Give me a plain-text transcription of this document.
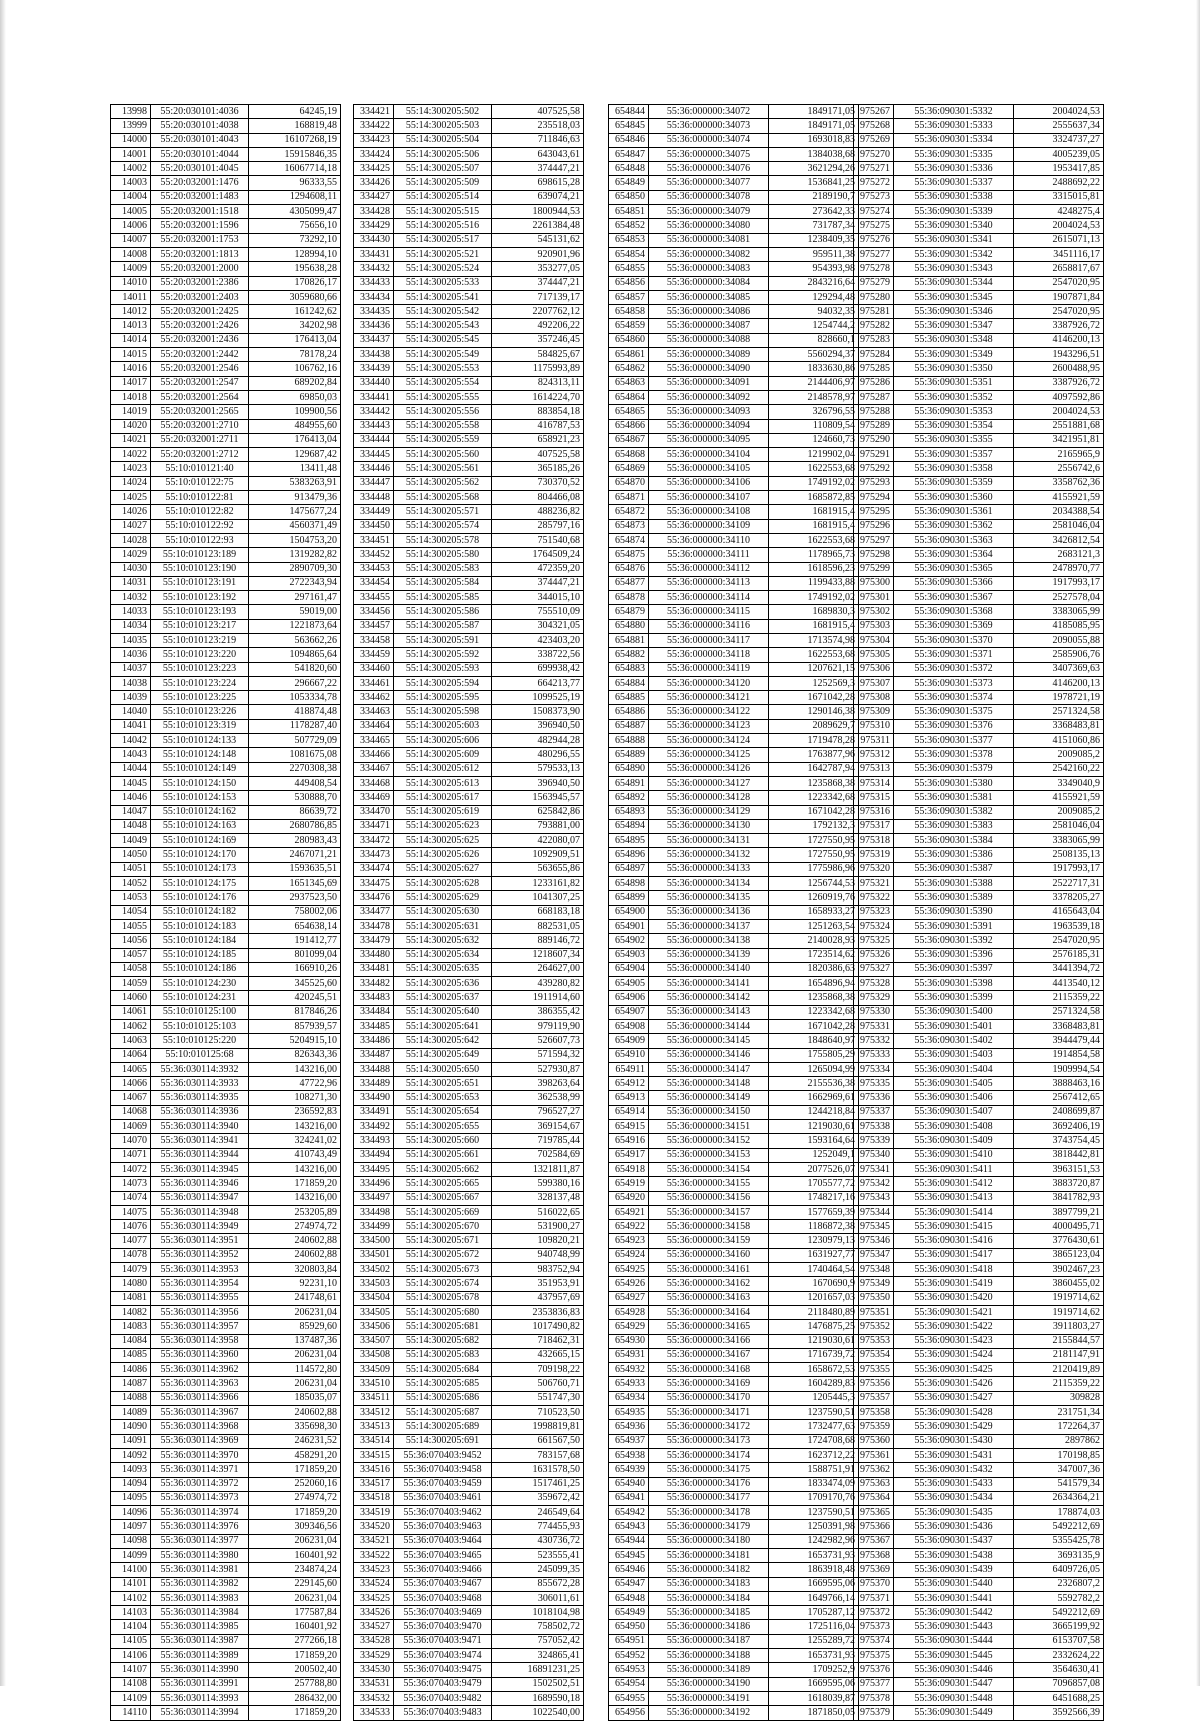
13998	55:20:030101:4036	64245,19
13999	55:20:030101:4038	168819,48
14000	55:20:030101:4043	16107268,19
14001	55:20:030101:4044	15915846,35
14002	55:20:030101:4045	16067714,18
14003	55:20:032001:1476	96333,55
14004	55:20:032001:1483	1294608,11
14005	55:20:032001:1518	4305099,47
14006	55:20:032001:1596	75656,10
14007	55:20:032001:1753	73292,10
14008	55:20:032001:1813	128994,10
14009	55:20:032001:2000	195638,28
14010	55:20:032001:2386	170826,17
14011	55:20:032001:2403	3059680,66
14012	55:20:032001:2425	161242,62
14013	55:20:032001:2426	34202,98
14014	55:20:032001:2436	176413,04
14015	55:20:032001:2442	78178,24
14016	55:20:032001:2546	106762,16
14017	55:20:032001:2547	689202,84
14018	55:20:032001:2564	69850,03
14019	55:20:032001:2565	109900,56
14020	55:20:032001:2710	484955,60
14021	55:20:032001:2711	176413,04
14022	55:20:032001:2712	129687,42
14023	55:10:010121:40	13411,48
14024	55:10:010122:75	5383263,91
14025	55:10:010122:81	913479,36
14026	55:10:010122:82	1475677,24
14027	55:10:010122:92	4560371,49
14028	55:10:010122:93	1504753,20
14029	55:10:010123:189	1319282,82
14030	55:10:010123:190	2890709,30
14031	55:10:010123:191	2722343,94
14032	55:10:010123:192	297161,47
14033	55:10:010123:193	59019,00
14034	55:10:010123:217	1221873,64
14035	55:10:010123:219	563662,26
14036	55:10:010123:220	1094865,64
14037	55:10:010123:223	541820,60
14038	55:10:010123:224	296667,22
14039	55:10:010123:225	1053334,78
14040	55:10:010123:226	418874,48
14041	55:10:010123:319	1178287,40
14042	55:10:010124:133	507729,09
14043	55:10:010124:148	1081675,08
14044	55:10:010124:149	2270308,38
14045	55:10:010124:150	449408,54
14046	55:10:010124:153	530888,70
14047	55:10:010124:162	86639,72
14048	55:10:010124:163	2680786,85
14049	55:10:010124:169	280983,43
14050	55:10:010124:170	2467071,21
14051	55:10:010124:173	1593635,51
14052	55:10:010124:175	1651345,69
14053	55:10:010124:176	2937523,50
14054	55:10:010124:182	758002,06
14055	55:10:010124:183	654638,14
14056	55:10:010124:184	191412,77
14057	55:10:010124:185	801099,04
14058	55:10:010124:186	166910,26
14059	55:10:010124:230	345525,60
14060	55:10:010124:231	420245,51
14061	55:10:010125:100	817846,26
14062	55:10:010125:103	857939,57
14063	55:10:010125:220	5204915,10
14064	55:10:010125:68	826343,36
14065	55:36:030114:3932	143216,00
14066	55:36:030114:3933	47722,96
14067	55:36:030114:3935	108271,30
14068	55:36:030114:3936	236592,83
14069	55:36:030114:3940	143216,00
14070	55:36:030114:3941	324241,02
14071	55:36:030114:3944	410743,49
14072	55:36:030114:3945	143216,00
14073	55:36:030114:3946	171859,20
14074	55:36:030114:3947	143216,00
14075	55:36:030114:3948	253205,89
14076	55:36:030114:3949	274974,72
14077	55:36:030114:3951	240602,88
14078	55:36:030114:3952	240602,88
14079	55:36:030114:3953	320803,84
14080	55:36:030114:3954	92231,10
14081	55:36:030114:3955	241748,61
14082	55:36:030114:3956	206231,04
14083	55:36:030114:3957	85929,60
14084	55:36:030114:3958	137487,36
14085	55:36:030114:3960	206231,04
14086	55:36:030114:3962	114572,80
14087	55:36:030114:3963	206231,04
14088	55:36:030114:3966	185035,07
14089	55:36:030114:3967	240602,88
14090	55:36:030114:3968	335698,30
14091	55:36:030114:3969	246231,52
14092	55:36:030114:3970	458291,20
14093	55:36:030114:3971	171859,20
14094	55:36:030114:3972	252060,16
14095	55:36:030114:3973	274974,72
14096	55:36:030114:3974	171859,20
14097	55:36:030114:3976	309346,56
14098	55:36:030114:3977	206231,04
14099	55:36:030114:3980	160401,92
14100	55:36:030114:3981	234874,24
14101	55:36:030114:3982	229145,60
14102	55:36:030114:3983	206231,04
14103	55:36:030114:3984	177587,84
14104	55:36:030114:3985	160401,92
14105	55:36:030114:3987	277266,18
14106	55:36:030114:3989	171859,20
14107	55:36:030114:3990	200502,40
14108	55:36:030114:3991	257788,80
14109	55:36:030114:3993	286432,00
14110	55:36:030114:3994	171859,20
334421	55:14:300205:502	407525,58
334422	55:14:300205:503	235518,03
334423	55:14:300205:504	711846,63
334424	55:14:300205:506	643043,61
334425	55:14:300205:507	374447,21
334426	55:14:300205:509	698615,28
334427	55:14:300205:514	639074,21
334428	55:14:300205:515	1800944,53
334429	55:14:300205:516	2261384,48
334430	55:14:300205:517	545131,62
334431	55:14:300205:521	920901,96
334432	55:14:300205:524	353277,05
334433	55:14:300205:533	374447,21
334434	55:14:300205:541	717139,17
334435	55:14:300205:542	2207762,12
334436	55:14:300205:543	492206,22
334437	55:14:300205:545	357246,45
334438	55:14:300205:549	584825,67
334439	55:14:300205:553	1175993,89
334440	55:14:300205:554	824313,11
334441	55:14:300205:555	1614224,70
334442	55:14:300205:556	883854,18
334443	55:14:300205:558	416787,53
334444	55:14:300205:559	658921,23
334445	55:14:300205:560	407525,58
334446	55:14:300205:561	365185,26
334447	55:14:300205:562	730370,52
334448	55:14:300205:568	804466,08
334449	55:14:300205:571	488236,82
334450	55:14:300205:574	285797,16
334451	55:14:300205:578	751540,68
334452	55:14:300205:580	1764509,24
334453	55:14:300205:583	472359,20
334454	55:14:300205:584	374447,21
334455	55:14:300205:585	344015,10
334456	55:14:300205:586	755510,09
334457	55:14:300205:587	304321,05
334458	55:14:300205:591	423403,20
334459	55:14:300205:592	338722,56
334460	55:14:300205:593	699938,42
334461	55:14:300205:594	664213,77
334462	55:14:300205:595	1099525,19
334463	55:14:300205:598	1508373,90
334464	55:14:300205:603	396940,50
334465	55:14:300205:606	482944,28
334466	55:14:300205:609	480296,55
334467	55:14:300205:612	579533,13
334468	55:14:300205:613	396940,50
334469	55:14:300205:617	1563945,57
334470	55:14:300205:619	625842,86
334471	55:14:300205:623	793881,00
334472	55:14:300205:625	422080,07
334473	55:14:300205:626	1092909,51
334474	55:14:300205:627	563655,86
334475	55:14:300205:628	1233161,82
334476	55:14:300205:629	1041307,25
334477	55:14:300205:630	668183,18
334478	55:14:300205:631	882531,05
334479	55:14:300205:632	889146,72
334480	55:14:300205:634	1218607,34
334481	55:14:300205:635	264627,00
334482	55:14:300205:636	439280,82
334483	55:14:300205:637	1911914,60
334484	55:14:300205:640	386355,42
334485	55:14:300205:641	979119,90
334486	55:14:300205:642	526607,73
334487	55:14:300205:649	571594,32
334488	55:14:300205:650	527930,87
334489	55:14:300205:651	398263,64
334490	55:14:300205:653	362538,99
334491	55:14:300205:654	796527,27
334492	55:14:300205:655	369154,67
334493	55:14:300205:660	719785,44
334494	55:14:300205:661	702584,69
334495	55:14:300205:662	1321811,87
334496	55:14:300205:665	599380,16
334497	55:14:300205:667	328137,48
334498	55:14:300205:669	516022,65
334499	55:14:300205:670	531900,27
334500	55:14:300205:671	109820,21
334501	55:14:300205:672	940748,99
334502	55:14:300205:673	983752,94
334503	55:14:300205:674	351953,91
334504	55:14:300205:678	437957,69
334505	55:14:300205:680	2353836,83
334506	55:14:300205:681	1017490,82
334507	55:14:300205:682	718462,31
334508	55:14:300205:683	432665,15
334509	55:14:300205:684	709198,22
334510	55:14:300205:685	506760,71
334511	55:14:300205:686	551747,30
334512	55:14:300205:687	710523,50
334513	55:14:300205:689	1998819,81
334514	55:14:300205:691	661567,50
334515	55:36:070403:9452	783157,68
334516	55:36:070403:9458	1631578,50
334517	55:36:070403:9459	1517461,25
334518	55:36:070403:9461	359672,42
334519	55:36:070403:9462	246549,64
334520	55:36:070403:9463	774455,93
334521	55:36:070403:9464	430736,72
334522	55:36:070403:9465	523555,41
334523	55:36:070403:9466	245099,35
334524	55:36:070403:9467	855672,28
334525	55:36:070403:9468	306011,61
334526	55:36:070403:9469	1018104,98
334527	55:36:070403:9470	758502,72
334528	55:36:070403:9471	757052,42
334529	55:36:070403:9474	324865,41
334530	55:36:070403:9475	16891231,25
334531	55:36:070403:9479	1502502,51
334532	55:36:070403:9482	1689590,18
334533	55:36:070403:9483	1022540,00
654844	55:36:000000:34072	1849171,05
654845	55:36:000000:34073	1849171,05
654846	55:36:000000:34074	1693018,83
654847	55:36:000000:34075	1384038,68
654848	55:36:000000:34076	3621294,26
654849	55:36:000000:34077	1536841,25
654850	55:36:000000:34078	2189190,7
654851	55:36:000000:34079	273642,33
654852	55:36:000000:34080	731787,34
654853	55:36:000000:34081	1238409,35
654854	55:36:000000:34082	959511,38
654855	55:36:000000:34083	954393,98
654856	55:36:000000:34084	2843216,64
654857	55:36:000000:34085	129294,48
654858	55:36:000000:34086	94032,35
654859	55:36:000000:34087	1254744,2
654860	55:36:000000:34088	828660,1
654861	55:36:000000:34089	5560294,37
654862	55:36:000000:34090	1833630,86
654863	55:36:000000:34091	2144406,97
654864	55:36:000000:34092	2148578,97
654865	55:36:000000:34093	326796,55
654866	55:36:000000:34094	110809,54
654867	55:36:000000:34095	124660,73
654868	55:36:000000:34104	1219902,04
654869	55:36:000000:34105	1622553,68
654870	55:36:000000:34106	1749192,02
654871	55:36:000000:34107	1685872,85
654872	55:36:000000:34108	1681915,4
654873	55:36:000000:34109	1681915,4
654874	55:36:000000:34110	1622553,68
654875	55:36:000000:34111	1178965,73
654876	55:36:000000:34112	1618596,23
654877	55:36:000000:34113	1199433,88
654878	55:36:000000:34114	1749192,02
654879	55:36:000000:34115	1689830,3
654880	55:36:000000:34116	1681915,4
654881	55:36:000000:34117	1713574,98
654882	55:36:000000:34118	1622553,68
654883	55:36:000000:34119	1207621,15
654884	55:36:000000:34120	1252569,3
654885	55:36:000000:34121	1671042,28
654886	55:36:000000:34122	1290146,38
654887	55:36:000000:34123	2089629,7
654888	55:36:000000:34124	1719478,28
654889	55:36:000000:34125	1763877,96
654890	55:36:000000:34126	1642787,94
654891	55:36:000000:34127	1235868,38
654892	55:36:000000:34128	1223342,68
654893	55:36:000000:34129	1671042,28
654894	55:36:000000:34130	1792132,3
654895	55:36:000000:34131	1727550,95
654896	55:36:000000:34132	1727550,95
654897	55:36:000000:34133	1775986,96
654898	55:36:000000:34134	1256744,53
654899	55:36:000000:34135	1260919,76
654900	55:36:000000:34136	1658933,27
654901	55:36:000000:34137	1251263,54
654902	55:36:000000:34138	2140028,93
654903	55:36:000000:34139	1723514,62
654904	55:36:000000:34140	1820386,63
654905	55:36:000000:34141	1654896,94
654906	55:36:000000:34142	1235868,38
654907	55:36:000000:34143	1223342,68
654908	55:36:000000:34144	1671042,28
654909	55:36:000000:34145	1848640,97
654910	55:36:000000:34146	1755805,29
654911	55:36:000000:34147	1265094,99
654912	55:36:000000:34148	2155536,38
654913	55:36:000000:34149	1662969,61
654914	55:36:000000:34150	1244218,84
654915	55:36:000000:34151	1219030,61
654916	55:36:000000:34152	1593164,64
654917	55:36:000000:34153	1252049,1
654918	55:36:000000:34154	2077526,07
654919	55:36:000000:34155	1705577,72
654920	55:36:000000:34156	1748217,16
654921	55:36:000000:34157	1577659,39
654922	55:36:000000:34158	1186872,38
654923	55:36:000000:34159	1230979,13
654924	55:36:000000:34160	1631927,77
654925	55:36:000000:34161	1740464,54
654926	55:36:000000:34162	1670690,9
654927	55:36:000000:34163	1201657,03
654928	55:36:000000:34164	2118480,89
654929	55:36:000000:34165	1476875,25
654930	55:36:000000:34166	1219030,61
654931	55:36:000000:34167	1716739,72
654932	55:36:000000:34168	1658672,53
654933	55:36:000000:34169	1604289,83
654934	55:36:000000:34170	1205445,3
654935	55:36:000000:34171	1237590,51
654936	55:36:000000:34172	1732477,63
654937	55:36:000000:34173	1724708,68
654938	55:36:000000:34174	1623712,22
654939	55:36:000000:34175	1588751,91
654940	55:36:000000:34176	1833474,09
654941	55:36:000000:34177	1709170,76
654942	55:36:000000:34178	1237590,51
654943	55:36:000000:34179	1250391,98
654944	55:36:000000:34180	1242982,96
654945	55:36:000000:34181	1653731,93
654946	55:36:000000:34182	1863918,48
654947	55:36:000000:34183	1669595,06
654948	55:36:000000:34184	1649766,14
654949	55:36:000000:34185	1705287,12
654950	55:36:000000:34186	1725116,04
654951	55:36:000000:34187	1255289,72
654952	55:36:000000:34188	1653731,93
654953	55:36:000000:34189	1709252,9
654954	55:36:000000:34190	1669595,06
654955	55:36:000000:34191	1618039,87
654956	55:36:000000:34192	1871850,05
975267	55:36:090301:5332	2004024,53
975268	55:36:090301:5333	2555637,34
975269	55:36:090301:5334	3324737,27
975270	55:36:090301:5335	4005239,05
975271	55:36:090301:5336	1953417,85
975272	55:36:090301:5337	2488692,22
975273	55:36:090301:5338	3315015,81
975274	55:36:090301:5339	4248275,4
975275	55:36:090301:5340	2004024,53
975276	55:36:090301:5341	2615071,13
975277	55:36:090301:5342	3451116,17
975278	55:36:090301:5343	2658817,67
975279	55:36:090301:5344	2547020,95
975280	55:36:090301:5345	1907871,84
975281	55:36:090301:5346	2547020,95
975282	55:36:090301:5347	3387926,72
975283	55:36:090301:5348	4146200,13
975284	55:36:090301:5349	1943296,51
975285	55:36:090301:5350	2600488,95
975286	55:36:090301:5351	3387926,72
975287	55:36:090301:5352	4097592,86
975288	55:36:090301:5353	2004024,53
975289	55:36:090301:5354	2551881,68
975290	55:36:090301:5355	3421951,81
975291	55:36:090301:5357	2165965,9
975292	55:36:090301:5358	2556742,6
975293	55:36:090301:5359	3358762,36
975294	55:36:090301:5360	4155921,59
975295	55:36:090301:5361	2034388,54
975296	55:36:090301:5362	2581046,04
975297	55:36:090301:5363	3426812,54
975298	55:36:090301:5364	2683121,3
975299	55:36:090301:5365	2478970,77
975300	55:36:090301:5366	1917993,17
975301	55:36:090301:5367	2527578,04
975302	55:36:090301:5368	3383065,99
975303	55:36:090301:5369	4185085,95
975304	55:36:090301:5370	2090055,88
975305	55:36:090301:5371	2585906,76
975306	55:36:090301:5372	3407369,63
975307	55:36:090301:5373	4146200,13
975308	55:36:090301:5374	1978721,19
975309	55:36:090301:5375	2571324,58
975310	55:36:090301:5376	3368483,81
975311	55:36:090301:5377	4151060,86
975312	55:36:090301:5378	2009085,2
975313	55:36:090301:5379	2542160,22
975314	55:36:090301:5380	3349040,9
975315	55:36:090301:5381	4155921,59
975316	55:36:090301:5382	2009085,2
975317	55:36:090301:5383	2581046,04
975318	55:36:090301:5384	3383065,99
975319	55:36:090301:5386	2508135,13
975320	55:36:090301:5387	1917993,17
975321	55:36:090301:5388	2522717,31
975322	55:36:090301:5389	3378205,27
975323	55:36:090301:5390	4165643,04
975324	55:36:090301:5391	1963539,18
975325	55:36:090301:5392	2547020,95
975326	55:36:090301:5396	2576185,31
975327	55:36:090301:5397	3441394,72
975328	55:36:090301:5398	4413540,12
975329	55:36:090301:5399	2115359,22
975330	55:36:090301:5400	2571324,58
975331	55:36:090301:5401	3368483,81
975332	55:36:090301:5402	3944479,44
975333	55:36:090301:5403	1914854,58
975334	55:36:090301:5404	1909994,54
975335	55:36:090301:5405	3888463,16
975336	55:36:090301:5406	2567412,65
975337	55:36:090301:5407	2408699,87
975338	55:36:090301:5408	3692406,19
975339	55:36:090301:5409	3743754,45
975340	55:36:090301:5410	3818442,81
975341	55:36:090301:5411	3963151,53
975342	55:36:090301:5412	3883720,87
975343	55:36:090301:5413	3841782,93
975344	55:36:090301:5414	3897799,21
975345	55:36:090301:5415	4000495,71
975346	55:36:090301:5416	3776430,61
975347	55:36:090301:5417	3865123,04
975348	55:36:090301:5418	3902467,23
975349	55:36:090301:5419	3860455,02
975350	55:36:090301:5420	1919714,62
975351	55:36:090301:5421	1919714,62
975352	55:36:090301:5422	3911803,27
975353	55:36:090301:5423	2155844,57
975354	55:36:090301:5424	2181147,91
975355	55:36:090301:5425	2120419,89
975356	55:36:090301:5426	2115359,22
975357	55:36:090301:5427	309828
975358	55:36:090301:5428	231751,34
975359	55:36:090301:5429	172264,37
975360	55:36:090301:5430	2897862
975361	55:36:090301:5431	170198,85
975362	55:36:090301:5432	347007,36
975363	55:36:090301:5433	541579,34
975364	55:36:090301:5434	2634364,21
975365	55:36:090301:5435	178874,03
975366	55:36:090301:5436	5492212,69
975367	55:36:090301:5437	5355425,78
975368	55:36:090301:5438	3693135,9
975369	55:36:090301:5439	6409726,05
975370	55:36:090301:5440	2326807,2
975371	55:36:090301:5441	5592782,2
975372	55:36:090301:5442	5492212,69
975373	55:36:090301:5443	3665199,92
975374	55:36:090301:5444	6153707,58
975375	55:36:090301:5445	2332624,22
975376	55:36:090301:5446	3564630,41
975377	55:36:090301:5447	7096857,08
975378	55:36:090301:5448	6451688,25
975379	55:36:090301:5449	3592566,39
